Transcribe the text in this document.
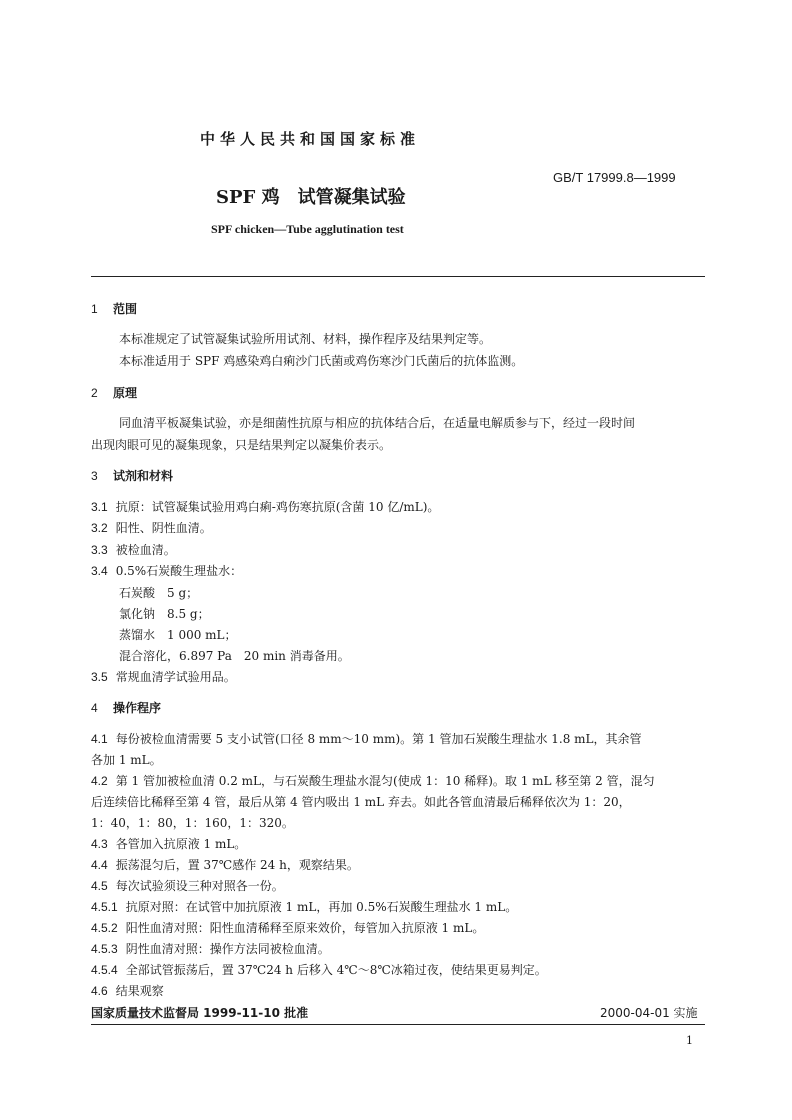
中华人民共和国国家标准
GB/T 17999.8—1999
SPF 鸡　试管凝集试验
SPF chicken—Tube agglutination test
1 范围
本标准规定了试管凝集试验所用试剂、材料，操作程序及结果判定等。
本标准适用于 SPF 鸡感染鸡白痢沙门氏菌或鸡伤寒沙门氏菌后的抗体监测。
2 原理
同血清平板凝集试验，亦是细菌性抗原与相应的抗体结合后，在适量电解质参与下，经过一段时间
出现肉眼可见的凝集现象，只是结果判定以凝集价表示。
3 试剂和材料
3.1 抗原：试管凝集试验用鸡白痢-鸡伤寒抗原(含菌 10 亿/mL)。
3.2 阳性、阴性血清。
3.3 被检血清。
3.4 0.5%石炭酸生理盐水：
石炭酸　5 g；
氯化钠　8.5 g；
蒸馏水　1 000 mL；
混合溶化，6.897 Pa　20 min 消毒备用。
3.5 常规血清学试验用品。
4 操作程序
4.1 每份被检血清需要 5 支小试管(口径 8 mm～10 mm)。第 1 管加石炭酸生理盐水 1.8 mL，其余管
各加 1 mL。
4.2 第 1 管加被检血清 0.2 mL，与石炭酸生理盐水混匀(使成 1：10 稀释)。取 1 mL 移至第 2 管，混匀
后连续倍比稀释至第 4 管，最后从第 4 管内吸出 1 mL 弃去。如此各管血清最后稀释依次为 1：20，
1：40，1：80，1：160，1：320。
4.3 各管加入抗原液 1 mL。
4.4 振荡混匀后，置 37℃感作 24 h，观察结果。
4.5 每次试验须设三种对照各一份。
4.5.1 抗原对照：在试管中加抗原液 1 mL，再加 0.5%石炭酸生理盐水 1 mL。
4.5.2 阳性血清对照：阳性血清稀释至原来效价，每管加入抗原液 1 mL。
4.5.3 阴性血清对照：操作方法同被检血清。
4.5.4 全部试管振荡后，置 37℃24 h 后移入 4℃～8℃冰箱过夜，使结果更易判定。
4.6 结果观察
国家质量技术监督局 1999-11-10 批准	2000-04-01 实施
1
